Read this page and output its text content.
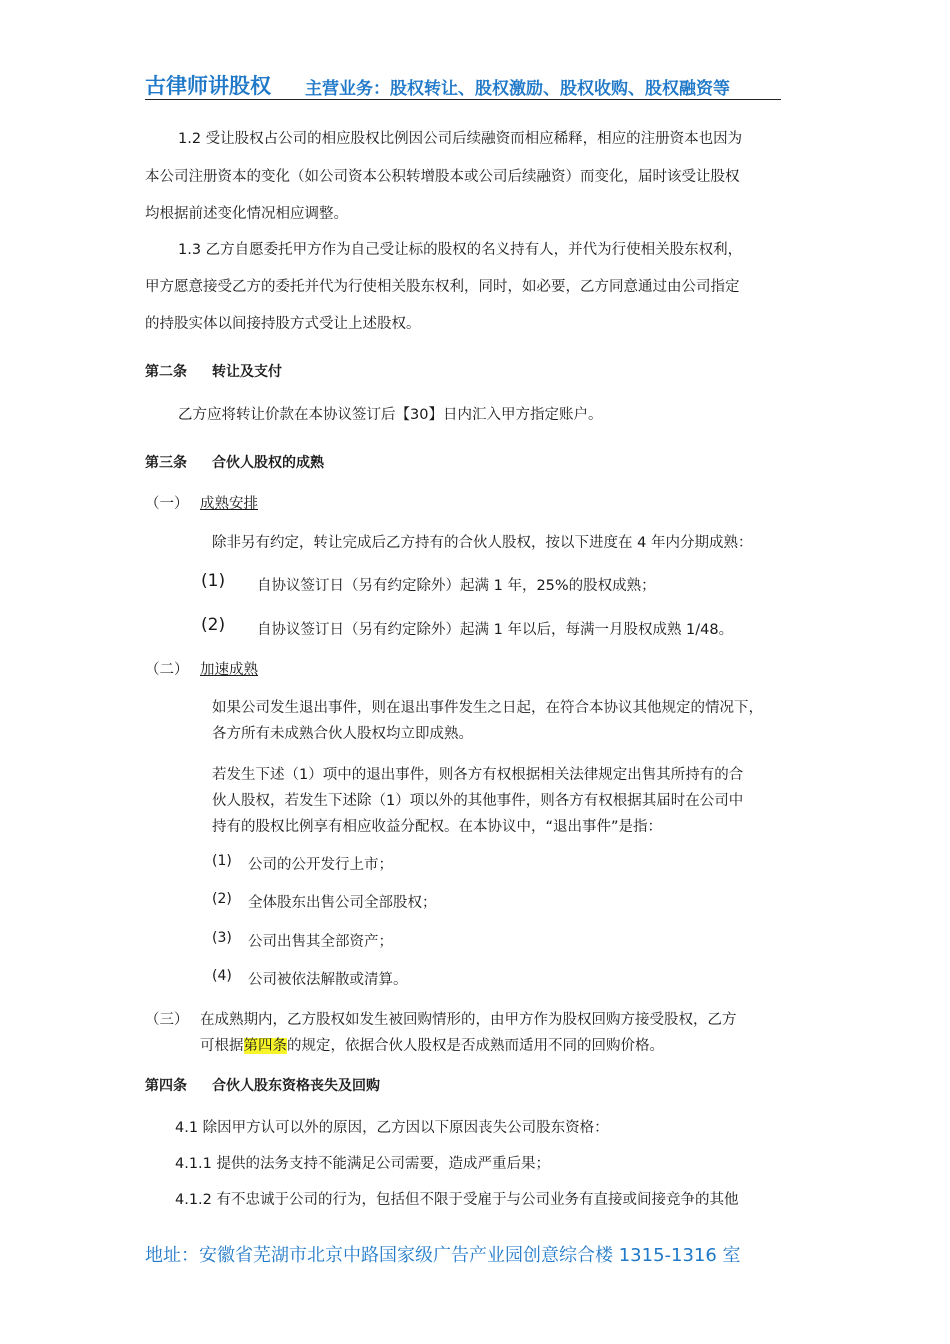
古律师讲股权 主营业务：股权转让、股权激励、股权收购、股权融资等
1.2 受让股权占公司的相应股权比例因公司后续融资而相应稀释，相应的注册资本也因为
本公司注册资本的变化（如公司资本公积转增股本或公司后续融资）而变化，届时该受让股权
均根据前述变化情况相应调整。
1.3 乙方自愿委托甲方作为自己受让标的股权的名义持有人，并代为行使相关股东权利，
甲方愿意接受乙方的委托并代为行使相关股东权利，同时，如必要，乙方同意通过由公司指定
的持股实体以间接持股方式受让上述股权。
第二条 转让及支付
乙方应将转让价款在本协议签订后【30】日内汇入甲方指定账户。
第三条 合伙人股权的成熟
（一） 成熟安排
除非另有约定，转让完成后乙方持有的合伙人股权，按以下进度在 4 年内分期成熟：
(1) 自协议签订日（另有约定除外）起满 1 年，25%的股权成熟；
(2) 自协议签订日（另有约定除外）起满 1 年以后，每满一月股权成熟 1/48。
（二） 加速成熟
如果公司发生退出事件，则在退出事件发生之日起，在符合本协议其他规定的情况下，
各方所有未成熟合伙人股权均立即成熟。
若发生下述（1）项中的退出事件，则各方有权根据相关法律规定出售其所持有的合
伙人股权，若发生下述除（1）项以外的其他事件，则各方有权根据其届时在公司中
持有的股权比例享有相应收益分配权。在本协议中，“退出事件”是指：
(1) 公司的公开发行上市；
(2) 全体股东出售公司全部股权；
(3) 公司出售其全部资产；
(4) 公司被依法解散或清算。
（三） 在成熟期内，乙方股权如发生被回购情形的，由甲方作为股权回购方接受股权，乙方
可根据第四条的规定，依据合伙人股权是否成熟而适用不同的回购价格。
第四条 合伙人股东资格丧失及回购
4.1 除因甲方认可以外的原因，乙方因以下原因丧失公司股东资格：
4.1.1 提供的法务支持不能满足公司需要，造成严重后果；
4.1.2 有不忠诚于公司的行为，包括但不限于受雇于与公司业务有直接或间接竞争的其他
地址：安徽省芜湖市北京中路国家级广告产业园创意综合楼 1315-1316 室
